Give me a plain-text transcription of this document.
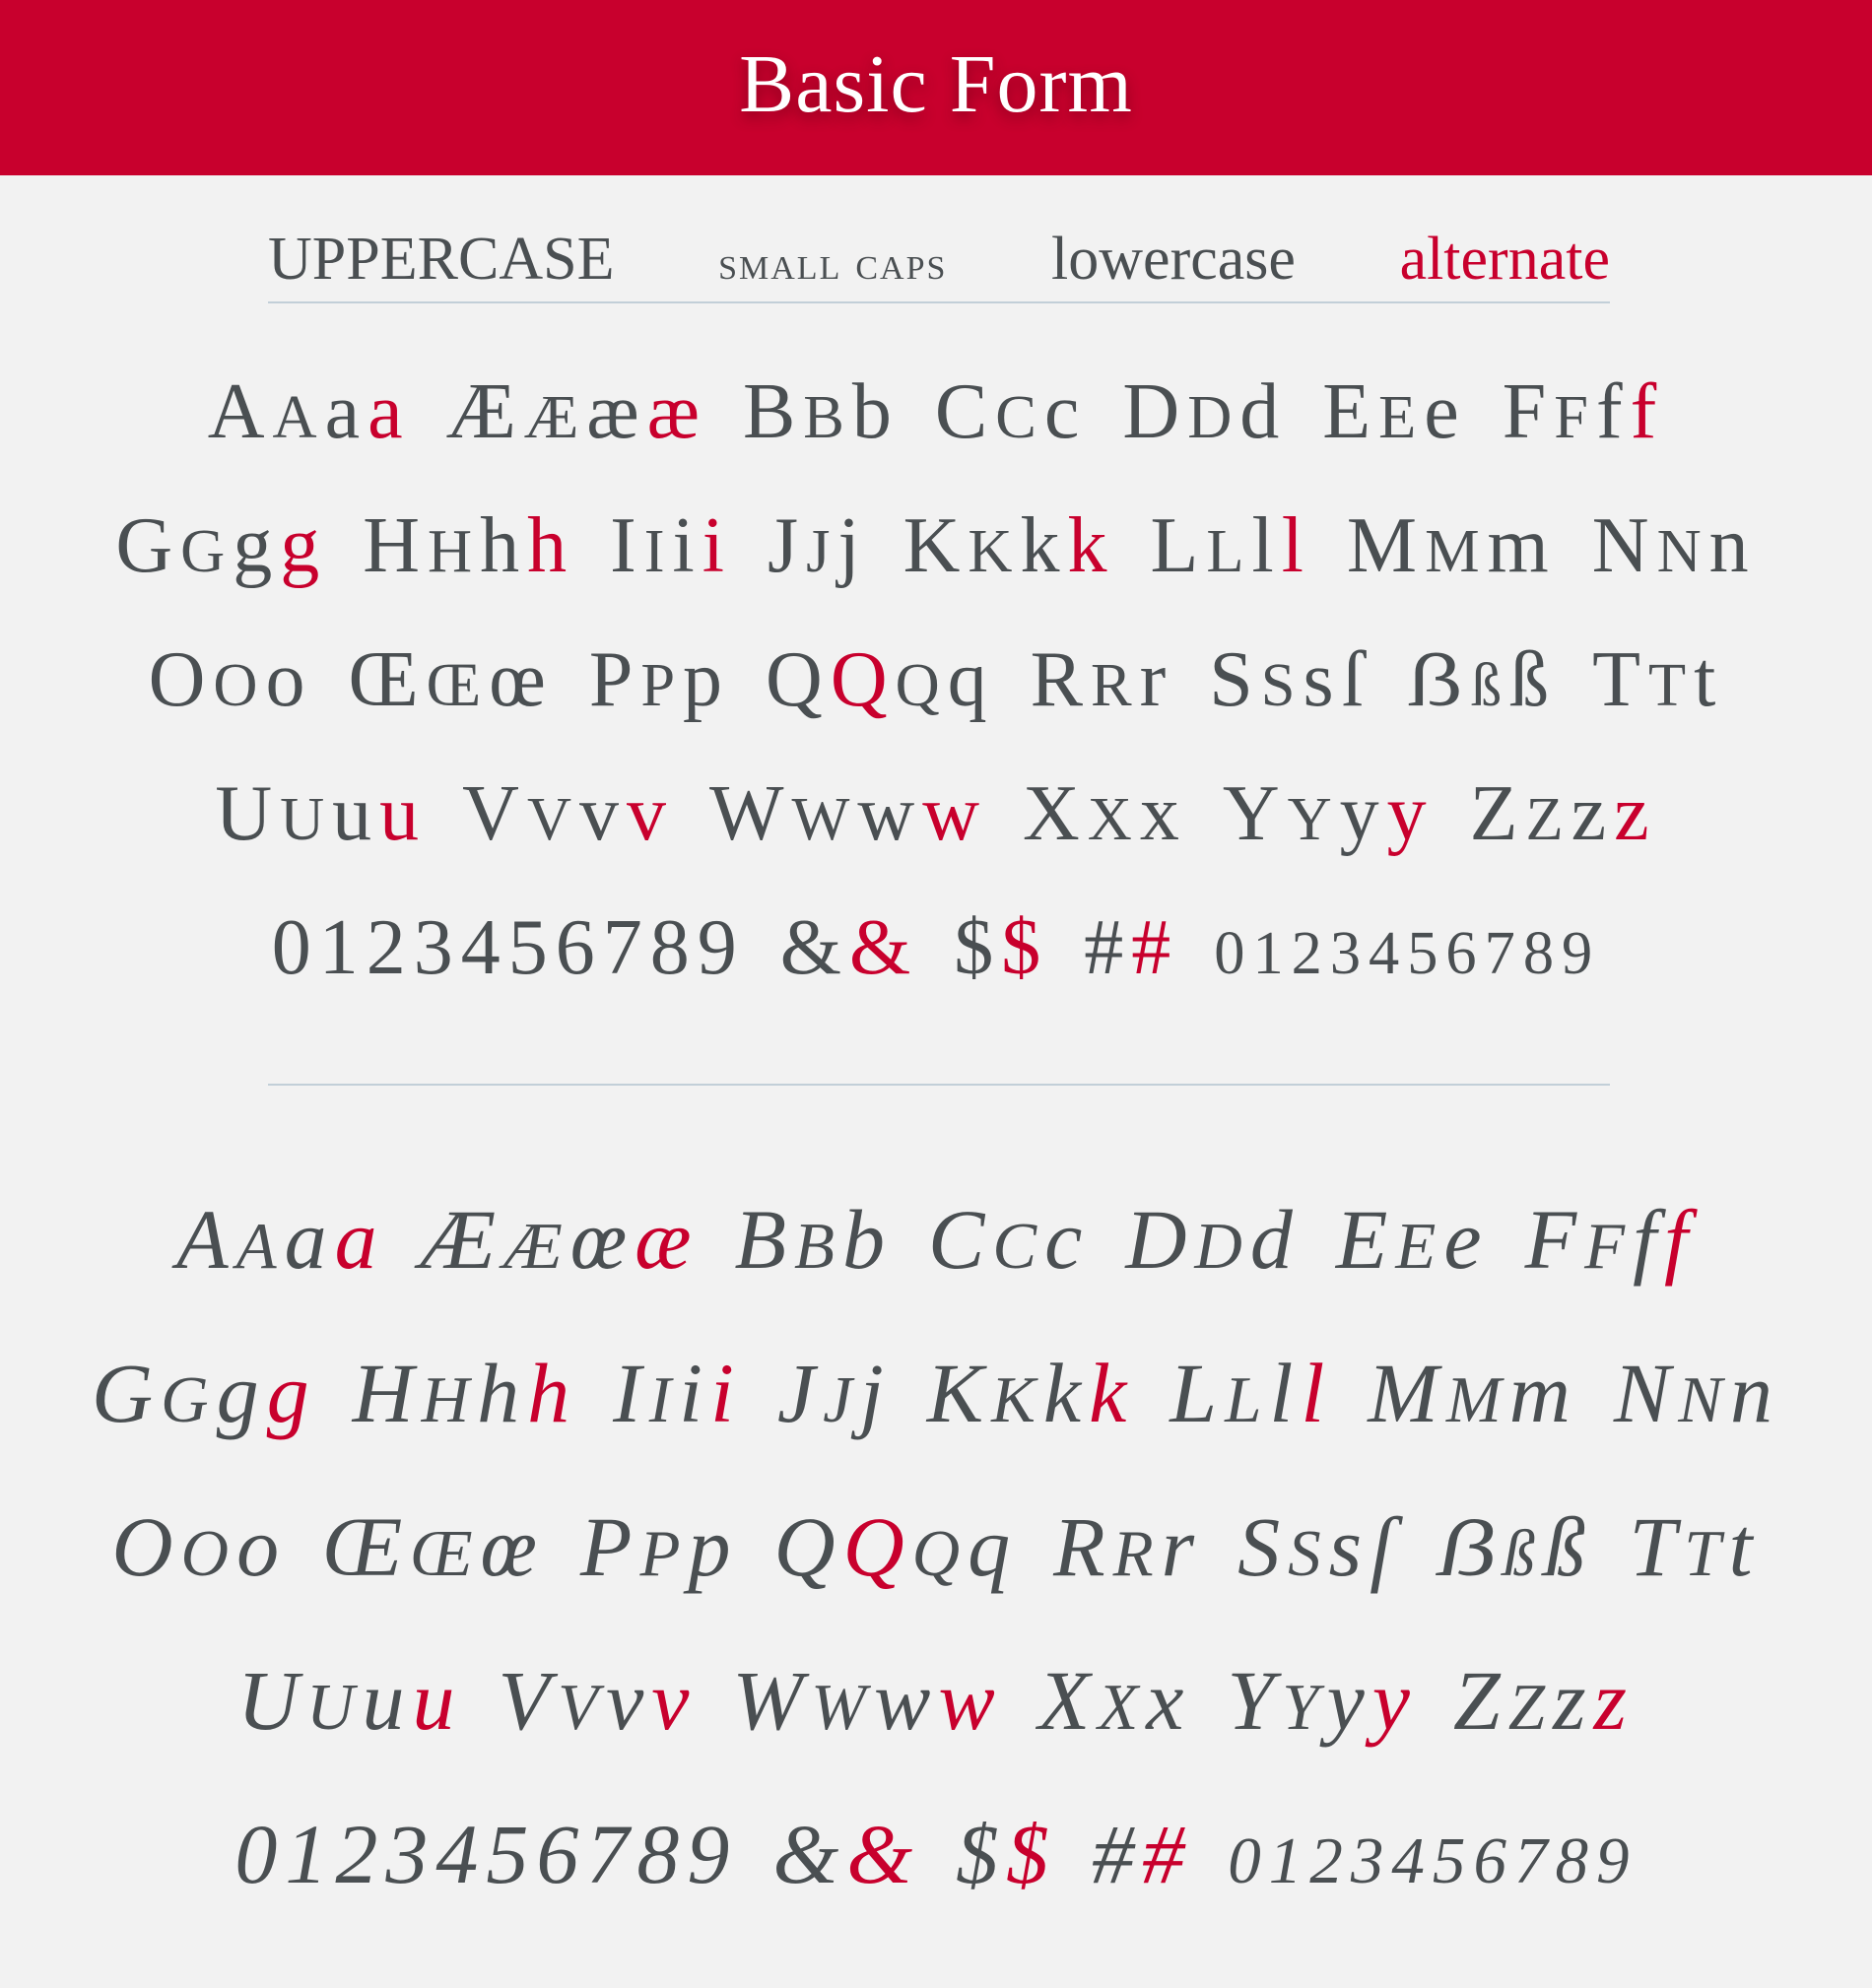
Basic Form
UPPERCASE small caps lowercase alternate
AAaa ÆÆææ BBb CCc DDd EEe FFff
GGgg HHhh IIii JJj KKkk LLll MMm NNn
OOo ŒŒœ PPp QQQq RRr SSsſ ẞßß TTt
UUuu VVvv WWww XXx YYyy ZZzz
0123456789 && $$ ## 0123456789
AAaa ÆÆœæ BBb CCc DDd EEe FFff
GGgg HHhh IIii JJj KKkk LLll MMm NNn
OOo ŒŒœ PPp QQQq RRr SSsſ ẞßß TTt
UUuu VVvv WWww XXx YYyy ZZzz
0123456789 && $$ ## 0123456789
